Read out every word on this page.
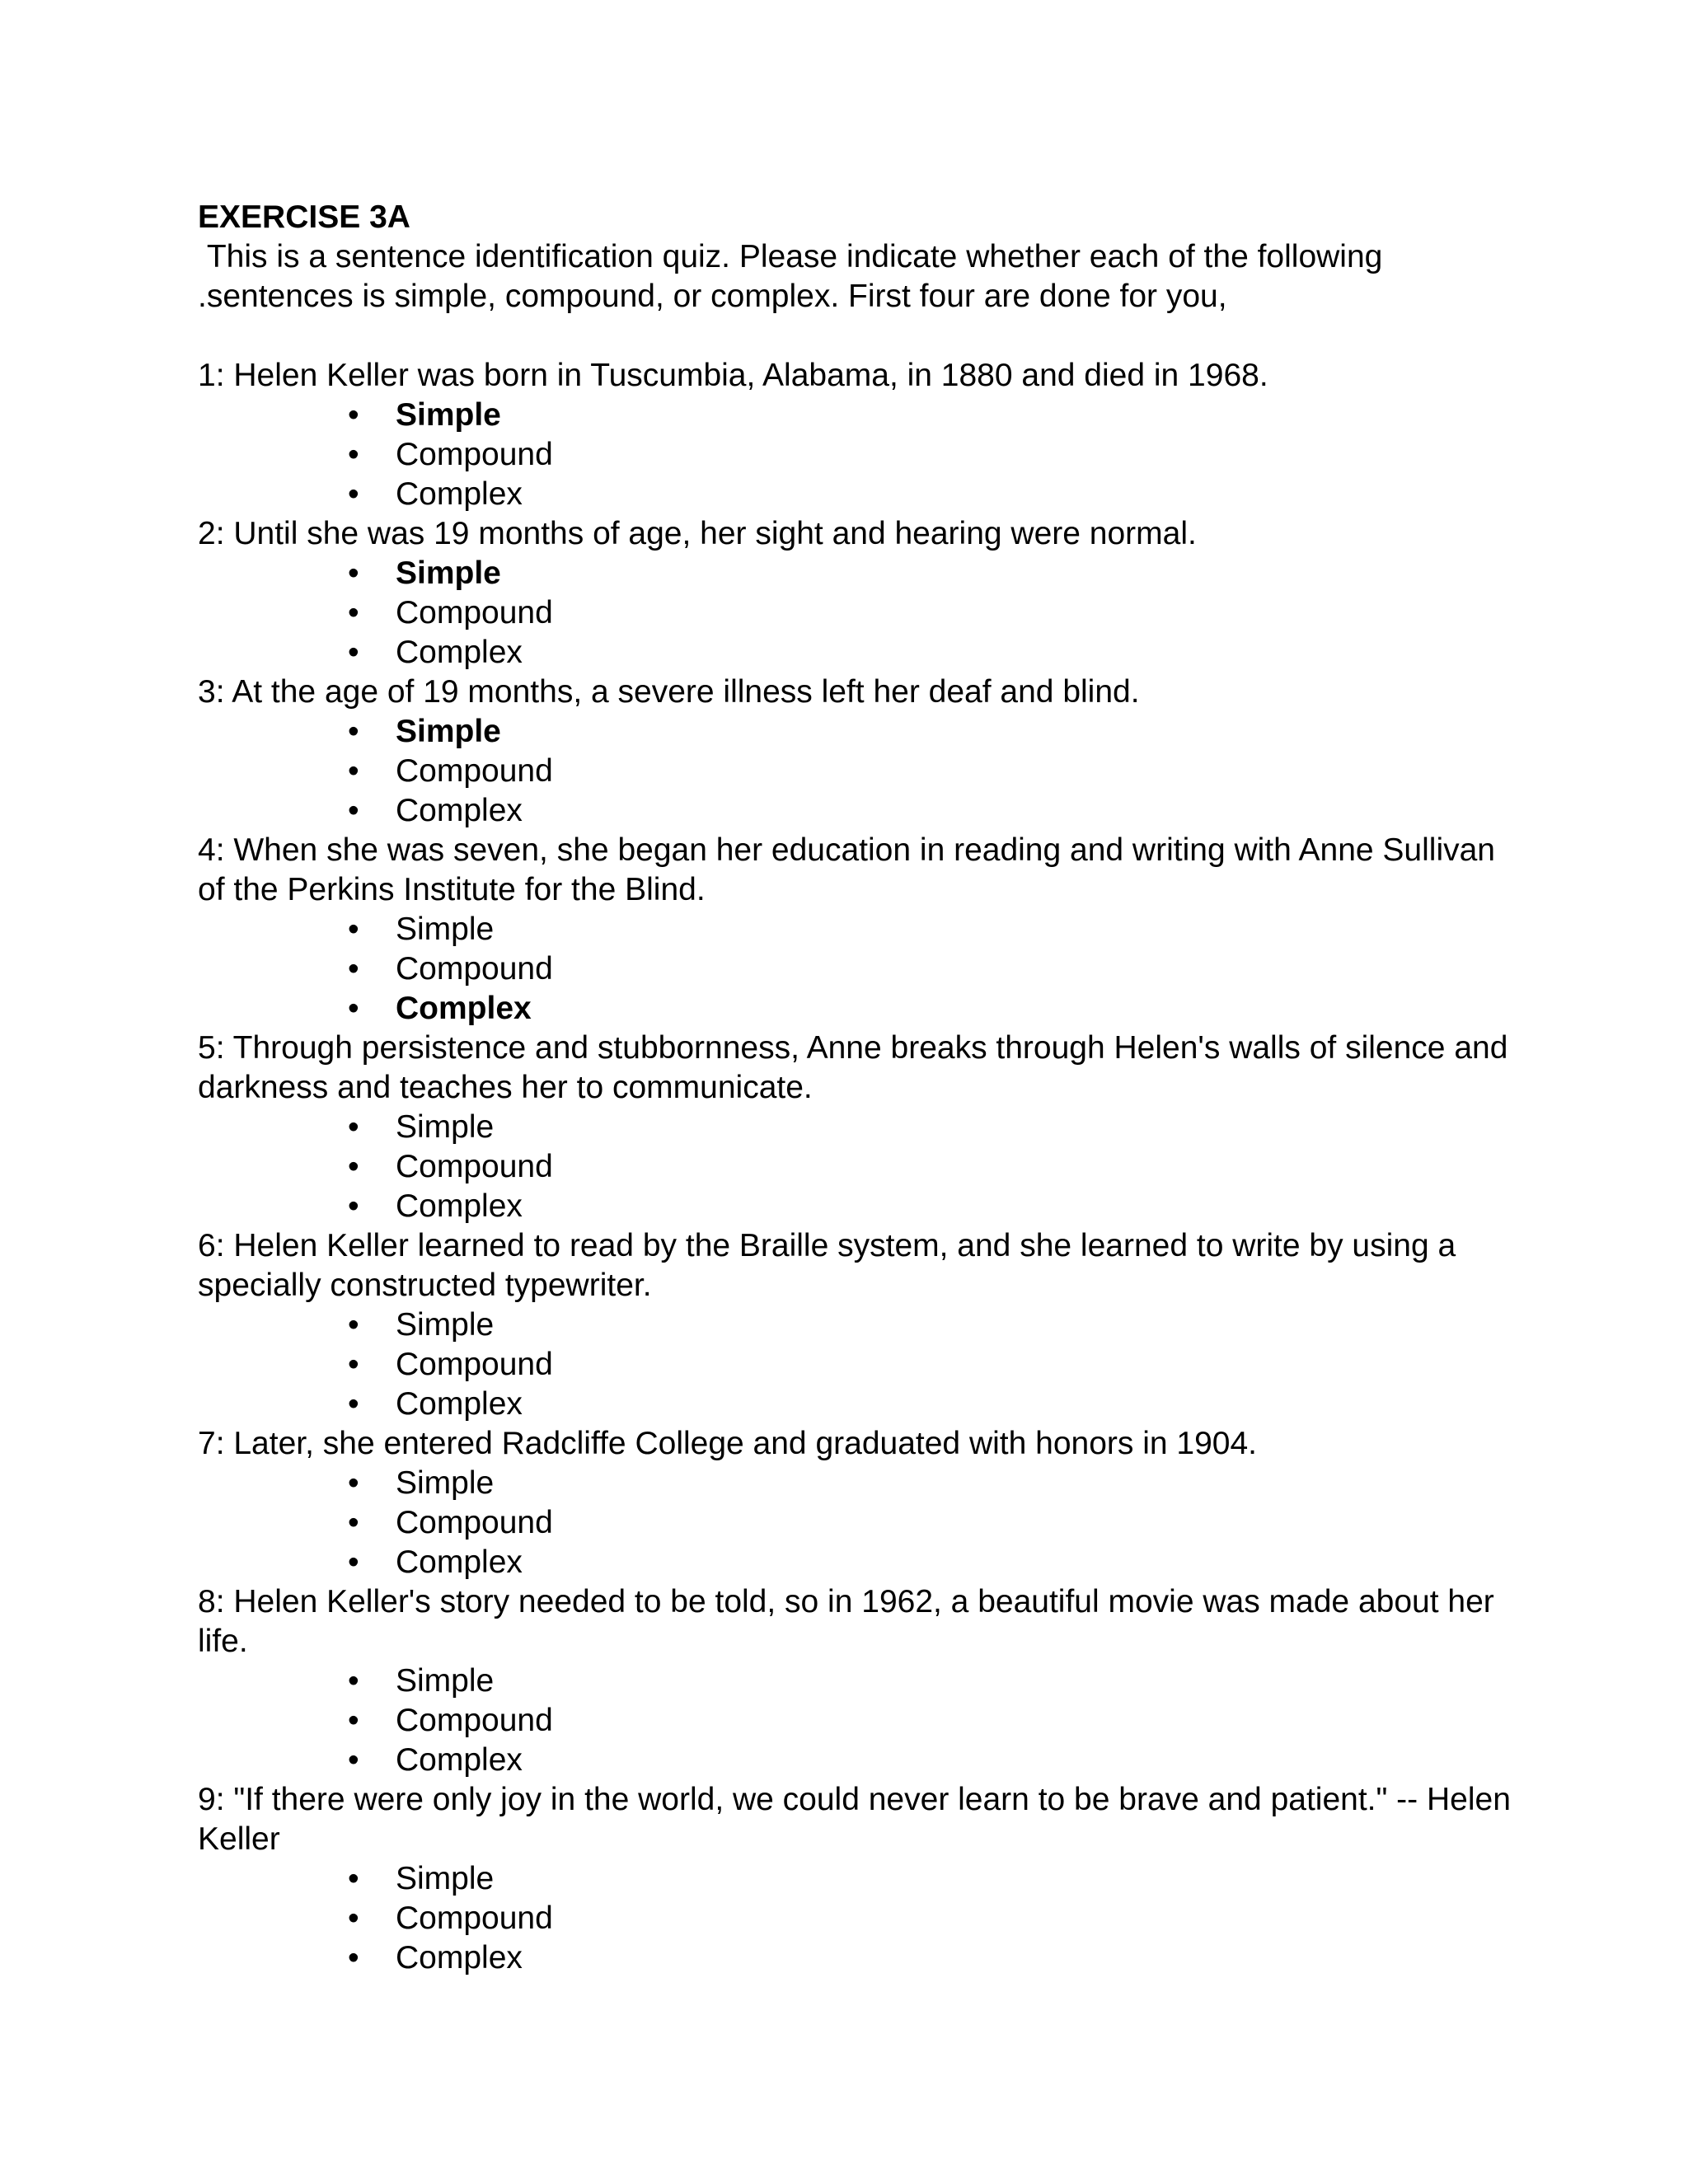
EXERCISE 3A

This is a sentence identification quiz. Please indicate whether each of the following .sentences is simple, compound, or complex. First four are done for you,

1: Helen Keller was born in Tuscumbia, Alabama, in 1880 and died in 1968.

• Simple
• Compound
• Complex

2: Until she was 19 months of age, her sight and hearing were normal.

• Simple
• Compound
• Complex

3: At the age of 19 months, a severe illness left her deaf and blind.

• Simple
• Compound
• Complex

4: When she was seven, she began her education in reading and writing with Anne Sullivan of the Perkins Institute for the Blind.

• Simple
• Compound
• Complex

5: Through persistence and stubbornness, Anne breaks through Helen's walls of silence and darkness and teaches her to communicate.

• Simple
• Compound
• Complex

6: Helen Keller learned to read by the Braille system, and she learned to write by using a specially constructed typewriter.

• Simple
• Compound
• Complex

7: Later, she entered Radcliffe College and graduated with honors in 1904.

• Simple
• Compound
• Complex

8: Helen Keller's story needed to be told, so in 1962, a beautiful movie was made about her life.

• Simple
• Compound
• Complex

9: "If there were only joy in the world, we could never learn to be brave and patient." -- Helen Keller

• Simple
• Compound
• Complex
